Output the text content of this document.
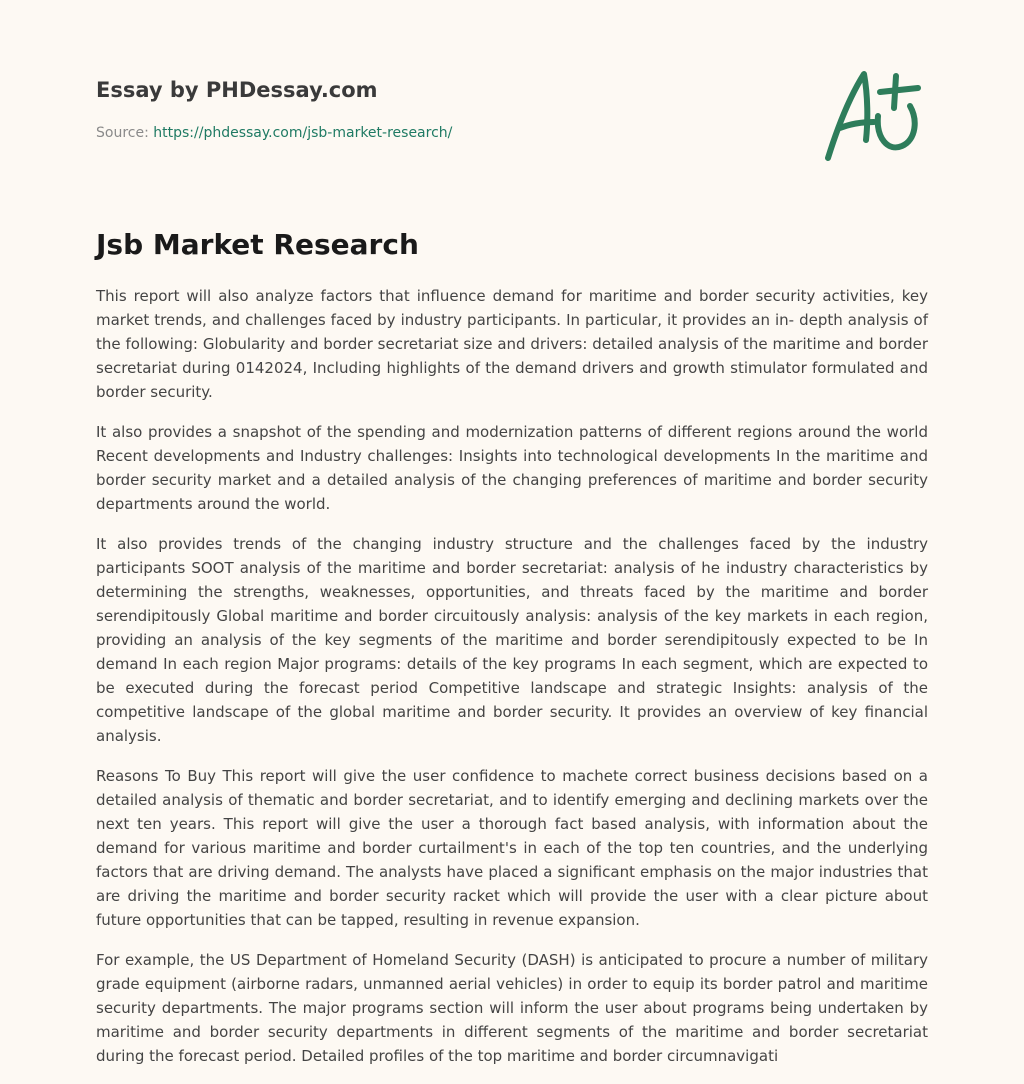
Essay by PHDessay.com
Source: https://phdessay.com/jsb-market-research/
Jsb Market Research

This report will also analyze factors that influence demand for maritime and border security activities, key market trends, and challenges faced by industry participants. In particular, it provides an in- depth analysis of the following: Globularity and border secretariat size and drivers: detailed analysis of the maritime and border secretariat during 0142024, Including highlights of the demand drivers and growth stimulator formulated and border security.

It also provides a snapshot of the spending and modernization patterns of different regions around the world Recent developments and Industry challenges: Insights into technological developments In the maritime and border security market and a detailed analysis of the changing preferences of maritime and border security departments around the world.

It also provides trends of the changing industry structure and the challenges faced by the industry participants SOOT analysis of the maritime and border secretariat: analysis of he industry characteristics by determining the strengths, weaknesses, opportunities, and threats faced by the maritime and border serendipitously Global maritime and border circuitously analysis: analysis of the key markets in each region, providing an analysis of the key segments of the maritime and border serendipitously expected to be In demand In each region Major programs: details of the key programs In each segment, which are expected to be executed during the forecast period Competitive landscape and strategic Insights: analysis of the competitive landscape of the global maritime and border security. It provides an overview of key financial analysis.

Reasons To Buy This report will give the user confidence to machete correct business decisions based on a detailed analysis of thematic and border secretariat, and to identify emerging and declining markets over the next ten years. This report will give the user a thorough fact based analysis, with information about the demand for various maritime and border curtailment's in each of the top ten countries, and the underlying factors that are driving demand. The analysts have placed a significant emphasis on the major industries that are driving the maritime and border security racket which will provide the user with a clear picture about future opportunities that can be tapped, resulting in revenue expansion.

For example, the US Department of Homeland Security (DASH) is anticipated to procure a number of military grade equipment (airborne radars, unmanned aerial vehicles) in order to equip its border patrol and maritime security departments. The major programs section will inform the user about programs being undertaken by maritime and border security departments in different segments of the maritime and border secretariat during the forecast period. Detailed profiles of the top maritime and border circumnavigati
